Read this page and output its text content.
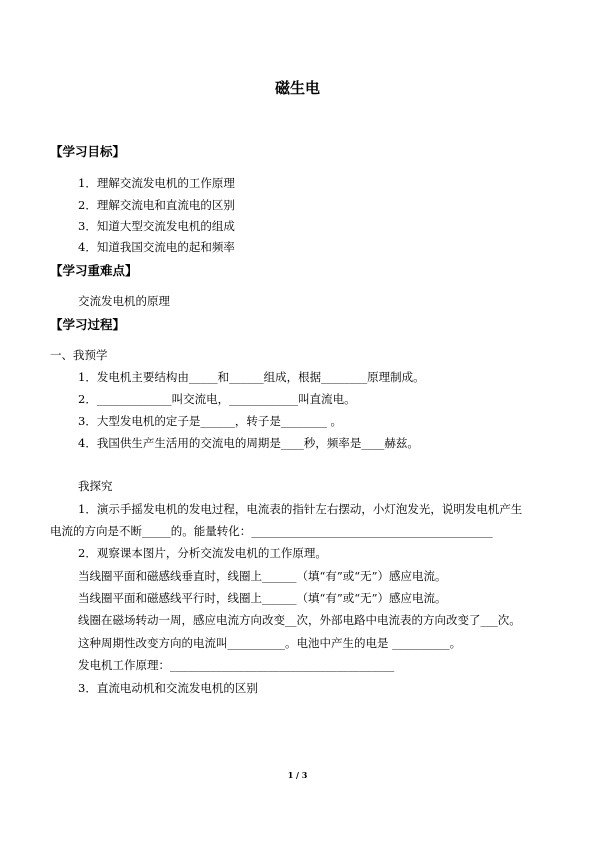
磁生电
【学习目标】
1．理解交流发电机的工作原理
2．理解交流电和直流电的区别
3．知道大型交流发电机的组成
4．知道我国交流电的起和频率
【学习重难点】
交流发电机的原理
【学习过程】
一、我预学
1．发电机主要结构由_____和______组成，根据________原理制成。
2．_____________叫交流电，____________叫直流电。
3．大型发电机的定子是______，转子是________ 。
4．我国供生产生活用的交流电的周期是____秒，频率是____赫兹。
我探究
1．演示手摇发电机的发电过程，电流表的指针左右摆动，小灯泡发光，说明发电机产生
电流的方向是不断_____的。能量转化：__________________________________________
2．观察课本图片，分析交流发电机的工作原理。
当线圈平面和磁感线垂直时，线圈上______（填“有”或“无”）感应电流。
当线圈平面和磁感线平行时，线圈上______（填“有”或“无”）感应电流。
线圈在磁场转动一周，感应电流方向改变__次，外部电路中电流表的方向改变了___次。
这种周期性改变方向的电流叫__________。电池中产生的电是 __________。
发电机工作原理：_______________________________________
3．直流电动机和交流发电机的区别
1 / 3
